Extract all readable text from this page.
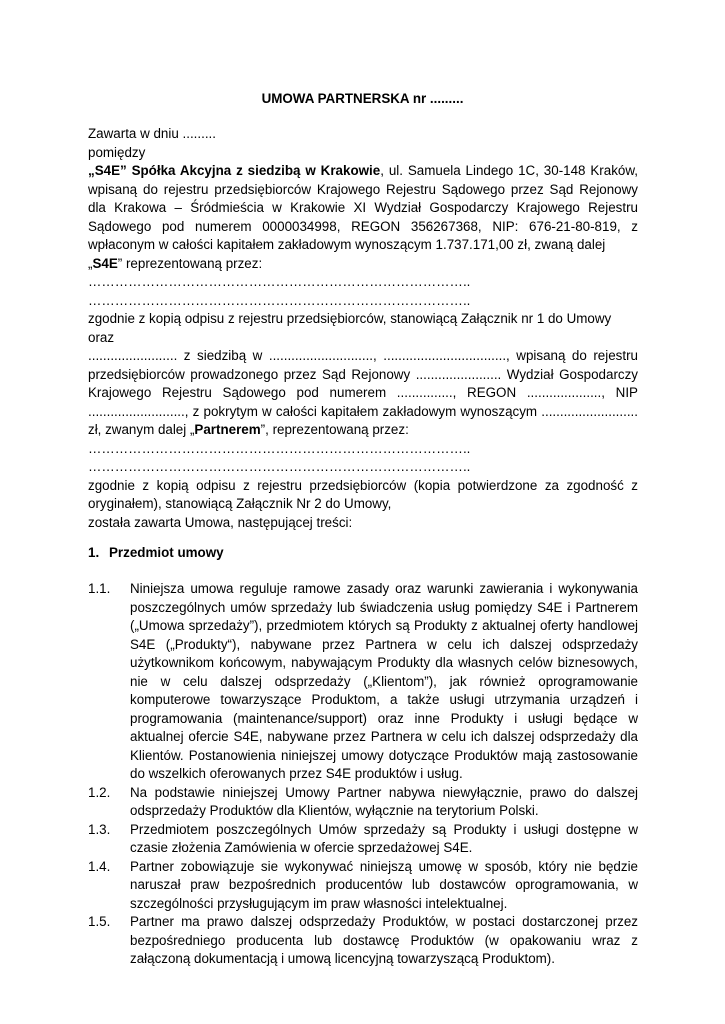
UMOWA PARTNERSKA nr .........

Zawarta w dniu .........

pomiędzy

„S4E” Spółka Akcyjna z siedzibą w Krakowie, ul. Samuela Lindego 1C, 30-148 Kraków, wpisaną do rejestru przedsiębiorców Krajowego Rejestru Sądowego przez Sąd Rejonowy dla Krakowa – Śródmieścia w Krakowie XI Wydział Gospodarczy Krajowego Rejestru Sądowego pod numerem 0000034998, REGON 356267368, NIP: 676-21-80-819, z wpłaconym w całości kapitałem zakładowym wynoszącym 1.737.171,00 zł, zwaną dalej

„S4E” reprezentowaną przez:

…………………………………………………………………………..

…………………………………………………………………………..

zgodnie z kopią odpisu z rejestru przedsiębiorców, stanowiącą Załącznik nr 1 do Umowy

oraz

........................ z siedzibą w ............................, ................................., wpisaną do rejestru przedsiębiorców prowadzonego przez Sąd Rejonowy ....................... Wydział Gospodarczy Krajowego Rejestru Sądowego pod numerem ..............., REGON ...................., NIP .........................., z pokrytym w całości kapitałem zakładowym wynoszącym .......................... zł, zwanym dalej „Partnerem”, reprezentowaną przez:

…………………………………………………………………………..

…………………………………………………………………………..

zgodnie z kopią odpisu z rejestru przedsiębiorców (kopia potwierdzone za zgodność z oryginałem), stanowiącą Załącznik Nr 2 do Umowy,

została zawarta Umowa, następującej treści:

1. Przedmiot umowy
1.1. Niniejsza umowa reguluje ramowe zasady oraz warunki zawierania i wykonywania poszczególnych umów sprzedaży lub świadczenia usług pomiędzy S4E i Partnerem („Umowa sprzedaży”), przedmiotem których są Produkty z aktualnej oferty handlowej S4E („Produkty“), nabywane przez Partnera w celu ich dalszej odsprzedaży użytkownikom końcowym, nabywającym Produkty dla własnych celów biznesowych, nie w celu dalszej odsprzedaży („Klientom”), jak również oprogramowanie komputerowe towarzyszące Produktom, a także usługi utrzymania urządzeń i programowania (maintenance/support) oraz inne Produkty i usługi będące w aktualnej ofercie S4E, nabywane przez Partnera w celu ich dalszej odsprzedaży dla Klientów. Postanowienia niniejszej umowy dotyczące Produktów mają zastosowanie do wszelkich oferowanych przez S4E produktów i usług.
1.2. Na podstawie niniejszej Umowy Partner nabywa niewyłącznie, prawo do dalszej odsprzedaży Produktów dla Klientów, wyłącznie na terytorium Polski.
1.3. Przedmiotem poszczególnych Umów sprzedaży są Produkty i usługi dostępne w czasie złożenia Zamówienia w ofercie sprzedażowej S4E.
1.4. Partner zobowiązuje sie wykonywać niniejszą umowę w sposób, który nie będzie naruszał praw bezpośrednich producentów lub dostawców oprogramowania, w szczególności przysługującym im praw własności intelektualnej.
1.5. Partner ma prawo dalszej odsprzedaży Produktów, w postaci dostarczonej przez bezpośredniego producenta lub dostawcę Produktów (w opakowaniu wraz z załączoną dokumentacją i umową licencyjną towarzyszącą Produktom).
